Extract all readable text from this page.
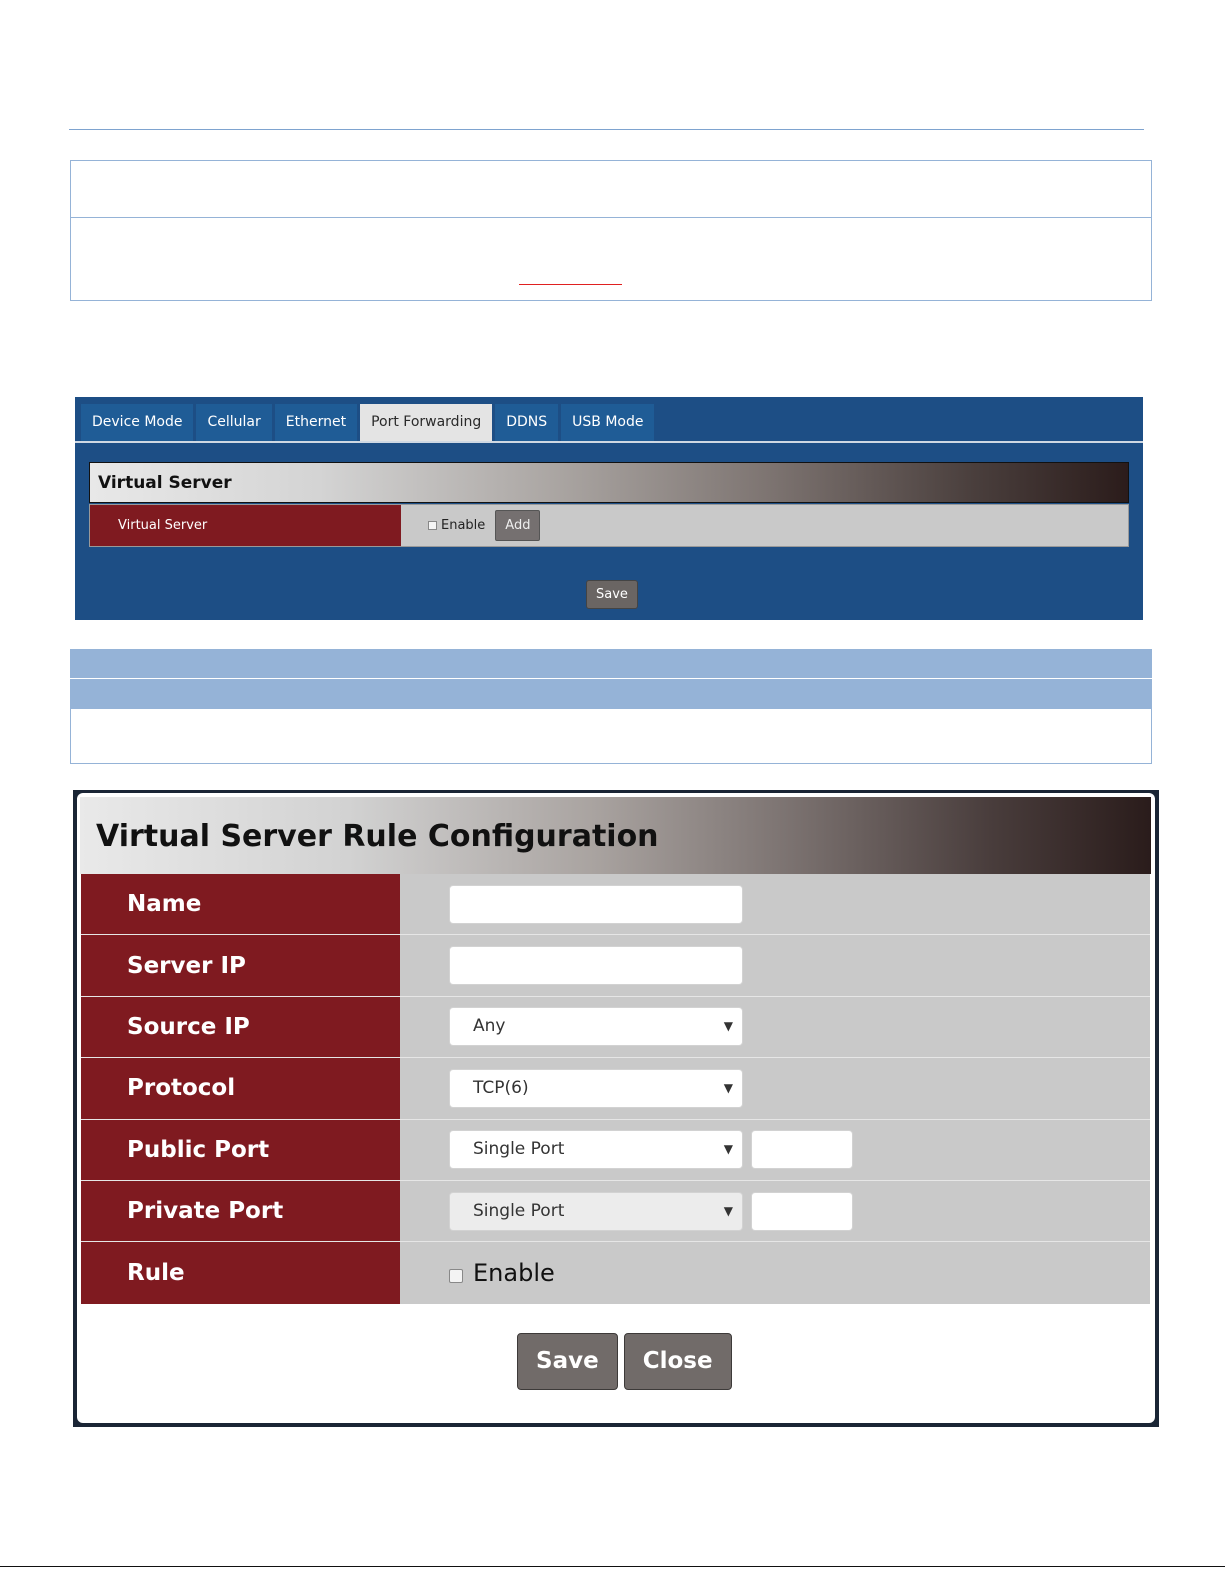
Device Mode	Cellular	Ethernet	Port Forwarding	DDNS	USB Mode
Virtual Server
Virtual Server	Enable	Add
Save
Virtual Server Rule Configuration
Name
Server IP
Source IP	Any	▼
Protocol	TCP(6)	▼
Public Port	Single Port	▼
Private Port	Single Port	▼
Rule	Enable
Save	Close
